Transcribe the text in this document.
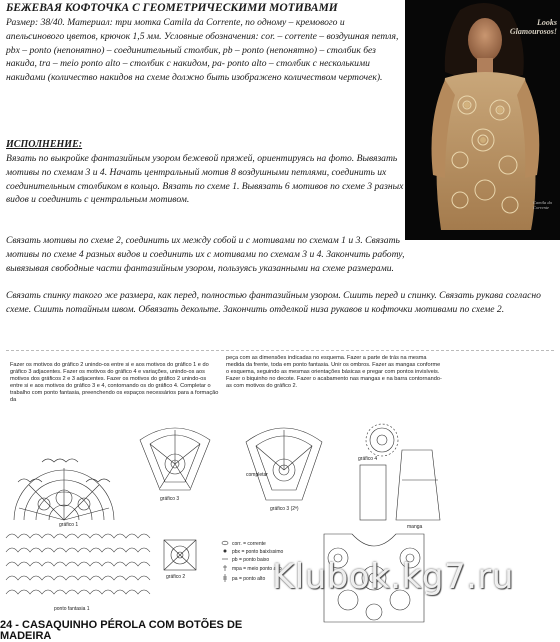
БЕЖЕВАЯ КОФТОЧКА С ГЕОМЕТРИЧЕСКИМИ МОТИВАМИ
Размер: 38/40. Материал: три мотка Camila da Corrente, по одному – кремового и апельсинового цветов, крючок 1,5 мм. Условные обозначения: cor. – corrente – воздушная петля, pbx – ponto (непонятно) – соединительный столбик, pb – ponto (непонятно) – столбик без накида, tra – meio ponto alto – столбик с накидом, pa- ponto alto – столбик с несколькими накидами (количество накидов на схеме должно быть изображено количеством черточек).
ИСПОЛНЕНИЕ:
Вязать по выкройке фантазийным узором бежевой пряжей, ориентируясь на фото. Вывязать мотивы по схемам 3 и 4. Начать центральный мотив 8 воздушными петлями, соединить их соединительным столбиком в кольцо. Вязать по схеме 1. Вывязать 6 мотивов по схеме 3 разных видов и соединить с центральным мотивом.
Связать мотивы по схеме 2, соединить их между собой и с мотивами по схемам 1 и 3. Связать мотивы по схеме 4 разных видов и соединить их с мотивами по схемам 3 и 4. Закончить работу, вывязывая свободные части фантазийным узором, пользуясь указанными на схеме размерами.
Связать спинку такого же размера, как перед, полностью фантазийным узором. Сшить перед и спинку. Связать рукава согласно схеме. Сшить потайным швом. Обвязать декольте. Закончить отделкой низа рукавов и кофточки мотивами по схеме 2.
Looks Glamourosos!
Camila da Corrente
Fazer os motivos do gráfico 2 unindo-os entre si e aos motivos do gráfico 1 e do gráfico 3 adjacentes. Fazer os motivos do gráfico 4 e variações, unindo-os aos motivos dos gráficos 2 e 3 adjacentes. Fazer os motivos do gráfico 2 unindo-os entre si e aos motivos do gráfico 3 e 4, contornando os do gráfico 4. Completar o trabalho com ponto fantasia, preenchendo os espaços necessários para a formação da
peça com as dimensões indicadas no esquema. Fazer a parte de trás na mesma medida da frente, toda em ponto fantasia. Unir os ombros. Fazer as mangas conforme o esquema, seguindo as mesmas orientações básicas e pregar com pontos invisíveis. Fazer o biquinho no decote. Fazer o acabamento nas mangas e na barra contornando-as com motivos do gráfico 2.
gráfico 1
gráfico 3
completar
gráfico 3 (2ª)
manga
gráfico 4
ponto fantasia 1
gráfico 2
corr. = corrente
pbx = ponto baixíssimo
pb = ponto baixo
mpa = meio ponto alto
pa = ponto alto
24 - CASAQUINHO PÉROLA COM BOTÕES DE MADEIRA
Klubok.kg7.ru
